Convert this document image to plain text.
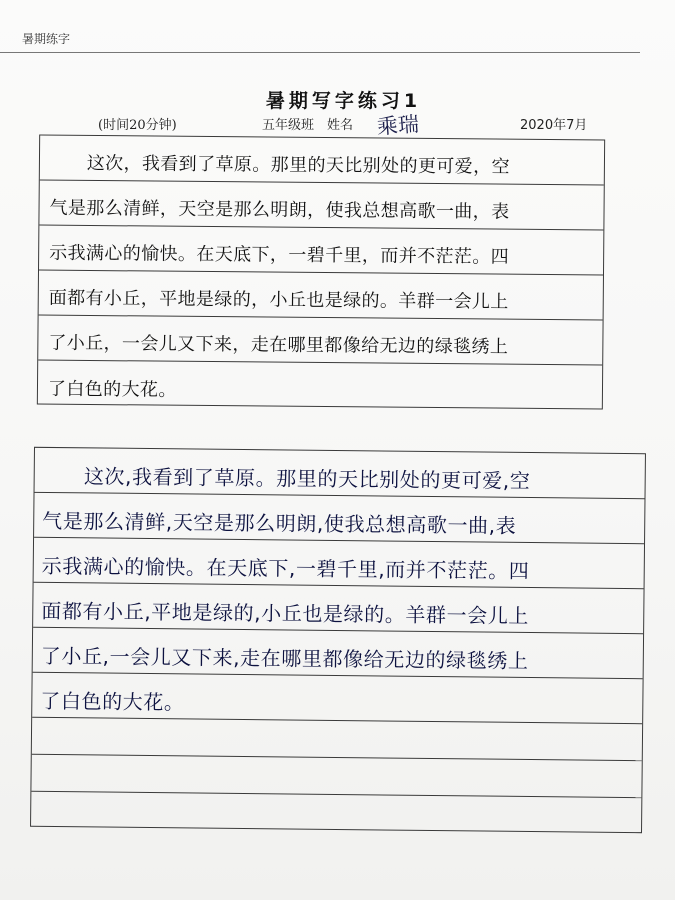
暑期练字
暑期写字练习1
(时间20分钟)	五年级班　姓名 乘瑞	2020年7月
　　这次，我看到了草原。那里的天比别处的更可爱，空
气是那么清鲜，天空是那么明朗，使我总想高歌一曲，表
示我满心的愉快。在天底下，一碧千里，而并不茫茫。四
面都有小丘，平地是绿的，小丘也是绿的。羊群一会儿上
了小丘，一会儿又下来，走在哪里都像给无边的绿毯绣上
了白色的大花。
　　这次,我看到了草原。那里的天比别处的更可爱,空
气是那么清鲜,天空是那么明朗,使我总想高歌一曲,表
示我满心的愉快。在天底下,一碧千里,而并不茫茫。四
面都有小丘,平地是绿的,小丘也是绿的。羊群一会儿上
了小丘,一会儿又下来,走在哪里都像给无边的绿毯绣上
了白色的大花。
